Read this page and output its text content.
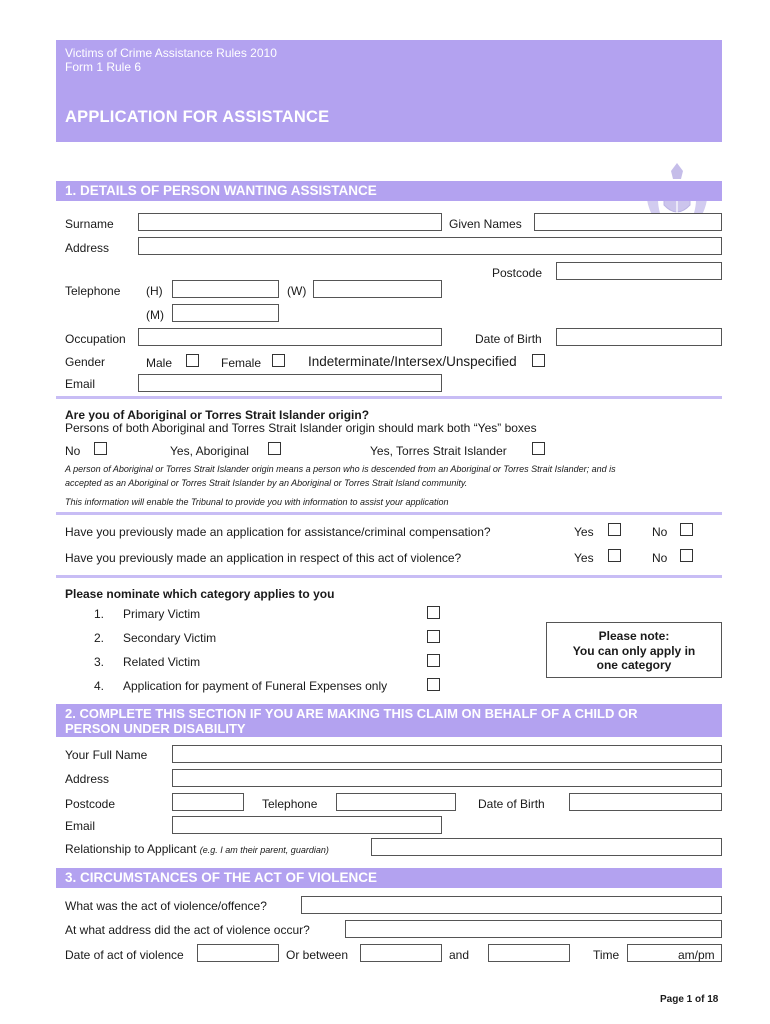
Victims of Crime Assistance Rules 2010
Form 1 Rule 6
APPLICATION FOR ASSISTANCE
1. DETAILS OF PERSON WANTING ASSISTANCE
Surname	Given Names
Address
Postcode
Telephone (H)	(W)
(M)
Occupation	Date of Birth
Gender	Male	Female	Indeterminate/Intersex/Unspecified
Email
Are you of Aboriginal or Torres Strait Islander origin?
Persons of both Aboriginal and Torres Strait Islander origin should mark both “Yes” boxes
No	Yes, Aboriginal	Yes, Torres Strait Islander
A person of Aboriginal or Torres Strait Islander origin means a person who is descended from an Aboriginal or Torres Strait Islander; and is
accepted as an Aboriginal or Torres Strait Islander by an Aboriginal or Torres Strait Island community.
This information will enable the Tribunal to provide you with information to assist your application
Have you previously made an application for assistance/criminal compensation?	Yes	No
Have you previously made an application in respect of this act of violence?	Yes	No
Please nominate which category applies to you
1. Primary Victim
2. Secondary Victim
3. Related Victim
4. Application for payment of Funeral Expenses only
Please note:
You can only apply in
one category
2. COMPLETE THIS SECTION IF YOU ARE MAKING THIS CLAIM ON BEHALF OF A CHILD OR
PERSON UNDER DISABILITY
Your Full Name
Address
Postcode	Telephone	Date of Birth
Email
Relationship to Applicant (e.g. I am their parent, guardian)
3. CIRCUMSTANCES OF THE ACT OF VIOLENCE
What was the act of violence/offence?
At what address did the act of violence occur?
Date of act of violence	Or between	and	Time	am/pm
Page 1 of 18
